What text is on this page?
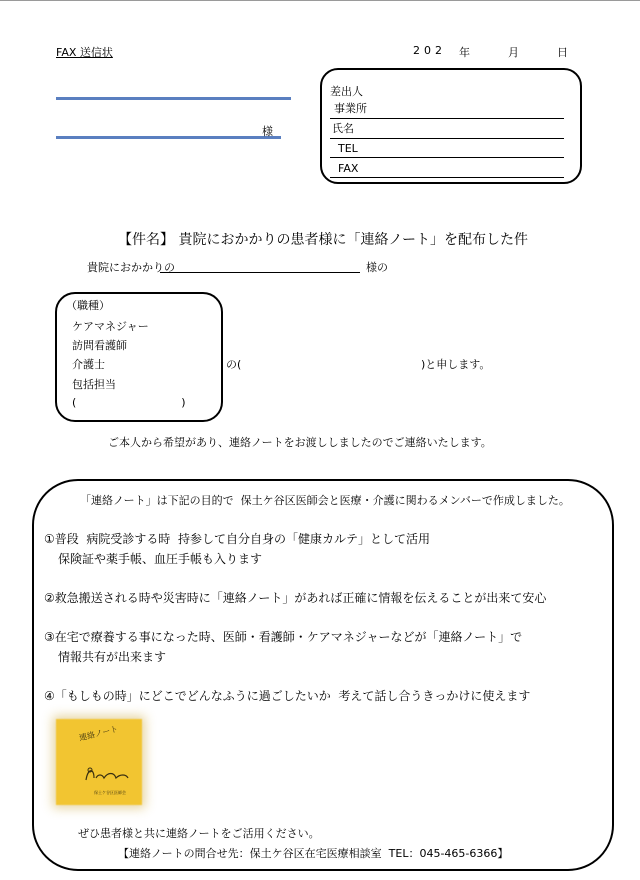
FAX 送信状	202 年	月	日
様
差出人
事業所
氏名
TEL
FAX
【件名】 貴院におかかりの患者様に「連絡ノート」を配布した件
貴院におかかりの	様の
（職種）
ケアマネジャー
訪問看護師
介護士
包括担当
(                              )
の(	)と申します。
ご本人から希望があり、連絡ノートをお渡ししましたのでご連絡いたします。
「連絡ノート」は下記の目的で  保土ケ谷区医師会と医療・介護に関わるメンバーで作成しました。
①普段  病院受診する時  持参して自分自身の「健康カルテ」として活用
保険証や薬手帳、血圧手帳も入ります
②救急搬送される時や災害時に「連絡ノート」があれば正確に情報を伝えることが出来て安心
③在宅で療養する事になった時、医師・看護師・ケアマネジャーなどが「連絡ノート」で
情報共有が出来ます
④「もしもの時」にどこでどんなふうに過ごしたいか  考えて話し合うきっかけに使えます
連絡ノート
保土ケ谷区医師会
ぜひ患者様と共に連絡ノートをご活用ください。
【連絡ノートの問合せ先：保土ケ谷区在宅医療相談室  TEL：045-465-6366】
